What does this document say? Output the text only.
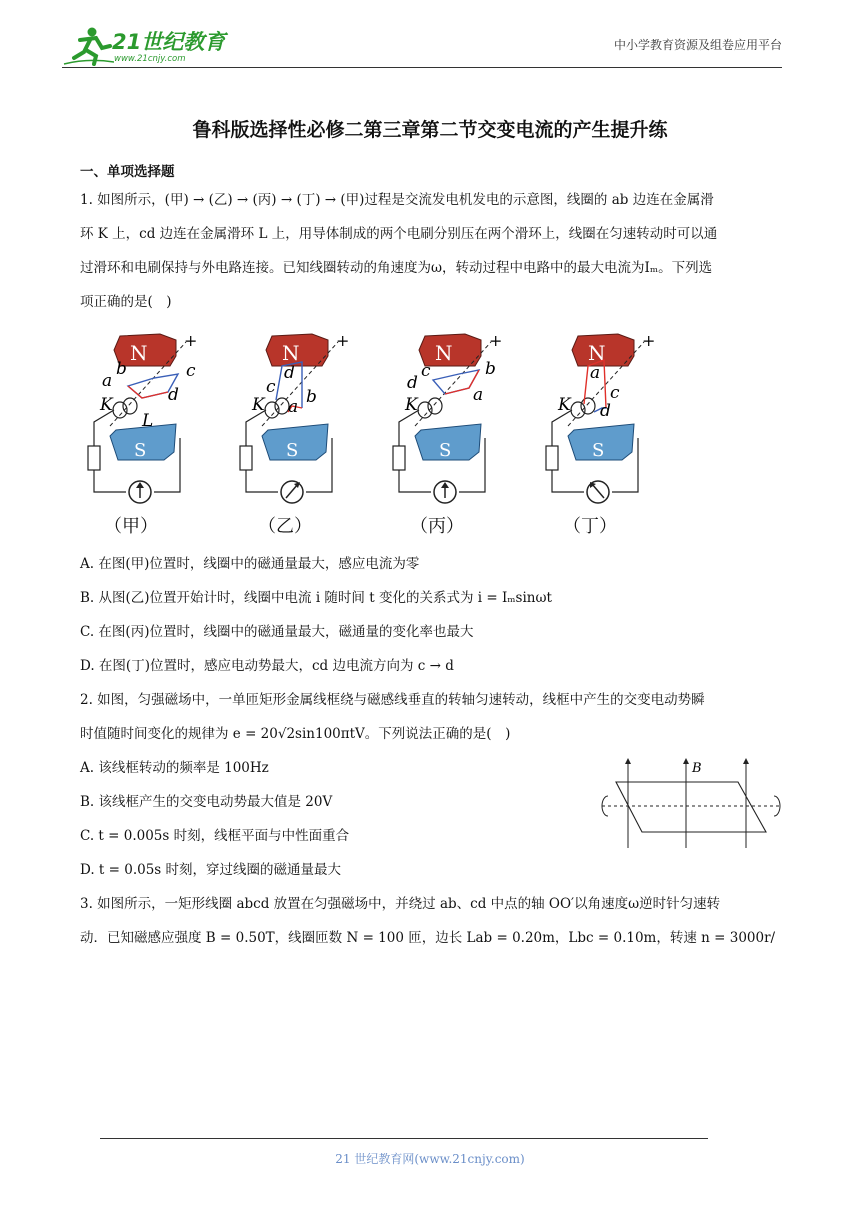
21世纪教育
www.21cnjy.com
中小学教育资源及组卷应用平台
鲁科版选择性必修二第三章第二节交变电流的产生提升练
一、单项选择题
1. 如图所示，(甲) → (乙) → (丙) → (丁) → (甲)过程是交流发电机发电的示意图，线圈的 ab 边连在金属滑
环 K 上，cd 边连在金属滑环 L 上，用导体制成的两个电刷分别压在两个滑环上，线圈在匀速转动时可以通
过滑环和电刷保持与外电路连接。已知线圈转动的角速度为ω，转动过程中电路中的最大电流为Iₘ。下列选
项正确的是(　)
a
b	c
d
K
L
+
d
c b
a
K
+
c
d
b
a
K
+
a
c
d
K
+
（甲）	（乙）	（丙）	（丁）
A. 在图(甲)位置时，线圈中的磁通量最大，感应电流为零
B. 从图(乙)位置开始计时，线圈中电流 i 随时间 t 变化的关系式为 i = Iₘsinωt
C. 在图(丙)位置时，线圈中的磁通量最大，磁通量的变化率也最大
D. 在图(丁)位置时，感应电动势最大，cd 边电流方向为 c → d
2. 如图，匀强磁场中，一单匝矩形金属线框绕与磁感线垂直的转轴匀速转动，线框中产生的交变电动势瞬
时值随时间变化的规律为 e = 20√2sin100πtV。下列说法正确的是(　)
A. 该线框转动的频率是 100Hz
B. 该线框产生的交变电动势最大值是 20V
C. t = 0.005s 时刻，线框平面与中性面重合
D. t = 0.05s 时刻，穿过线圈的磁通量最大
B
3. 如图所示，一矩形线圈 abcd 放置在匀强磁场中，并绕过 ab、cd 中点的轴 OO′以角速度ω逆时针匀速转
动．已知磁感应强度 B = 0.50T，线圈匝数 N = 100 匝，边长 Lab = 0.20m，Lbc = 0.10m，转速 n = 3000r/
21 世纪教育网(www.21cnjy.com)
